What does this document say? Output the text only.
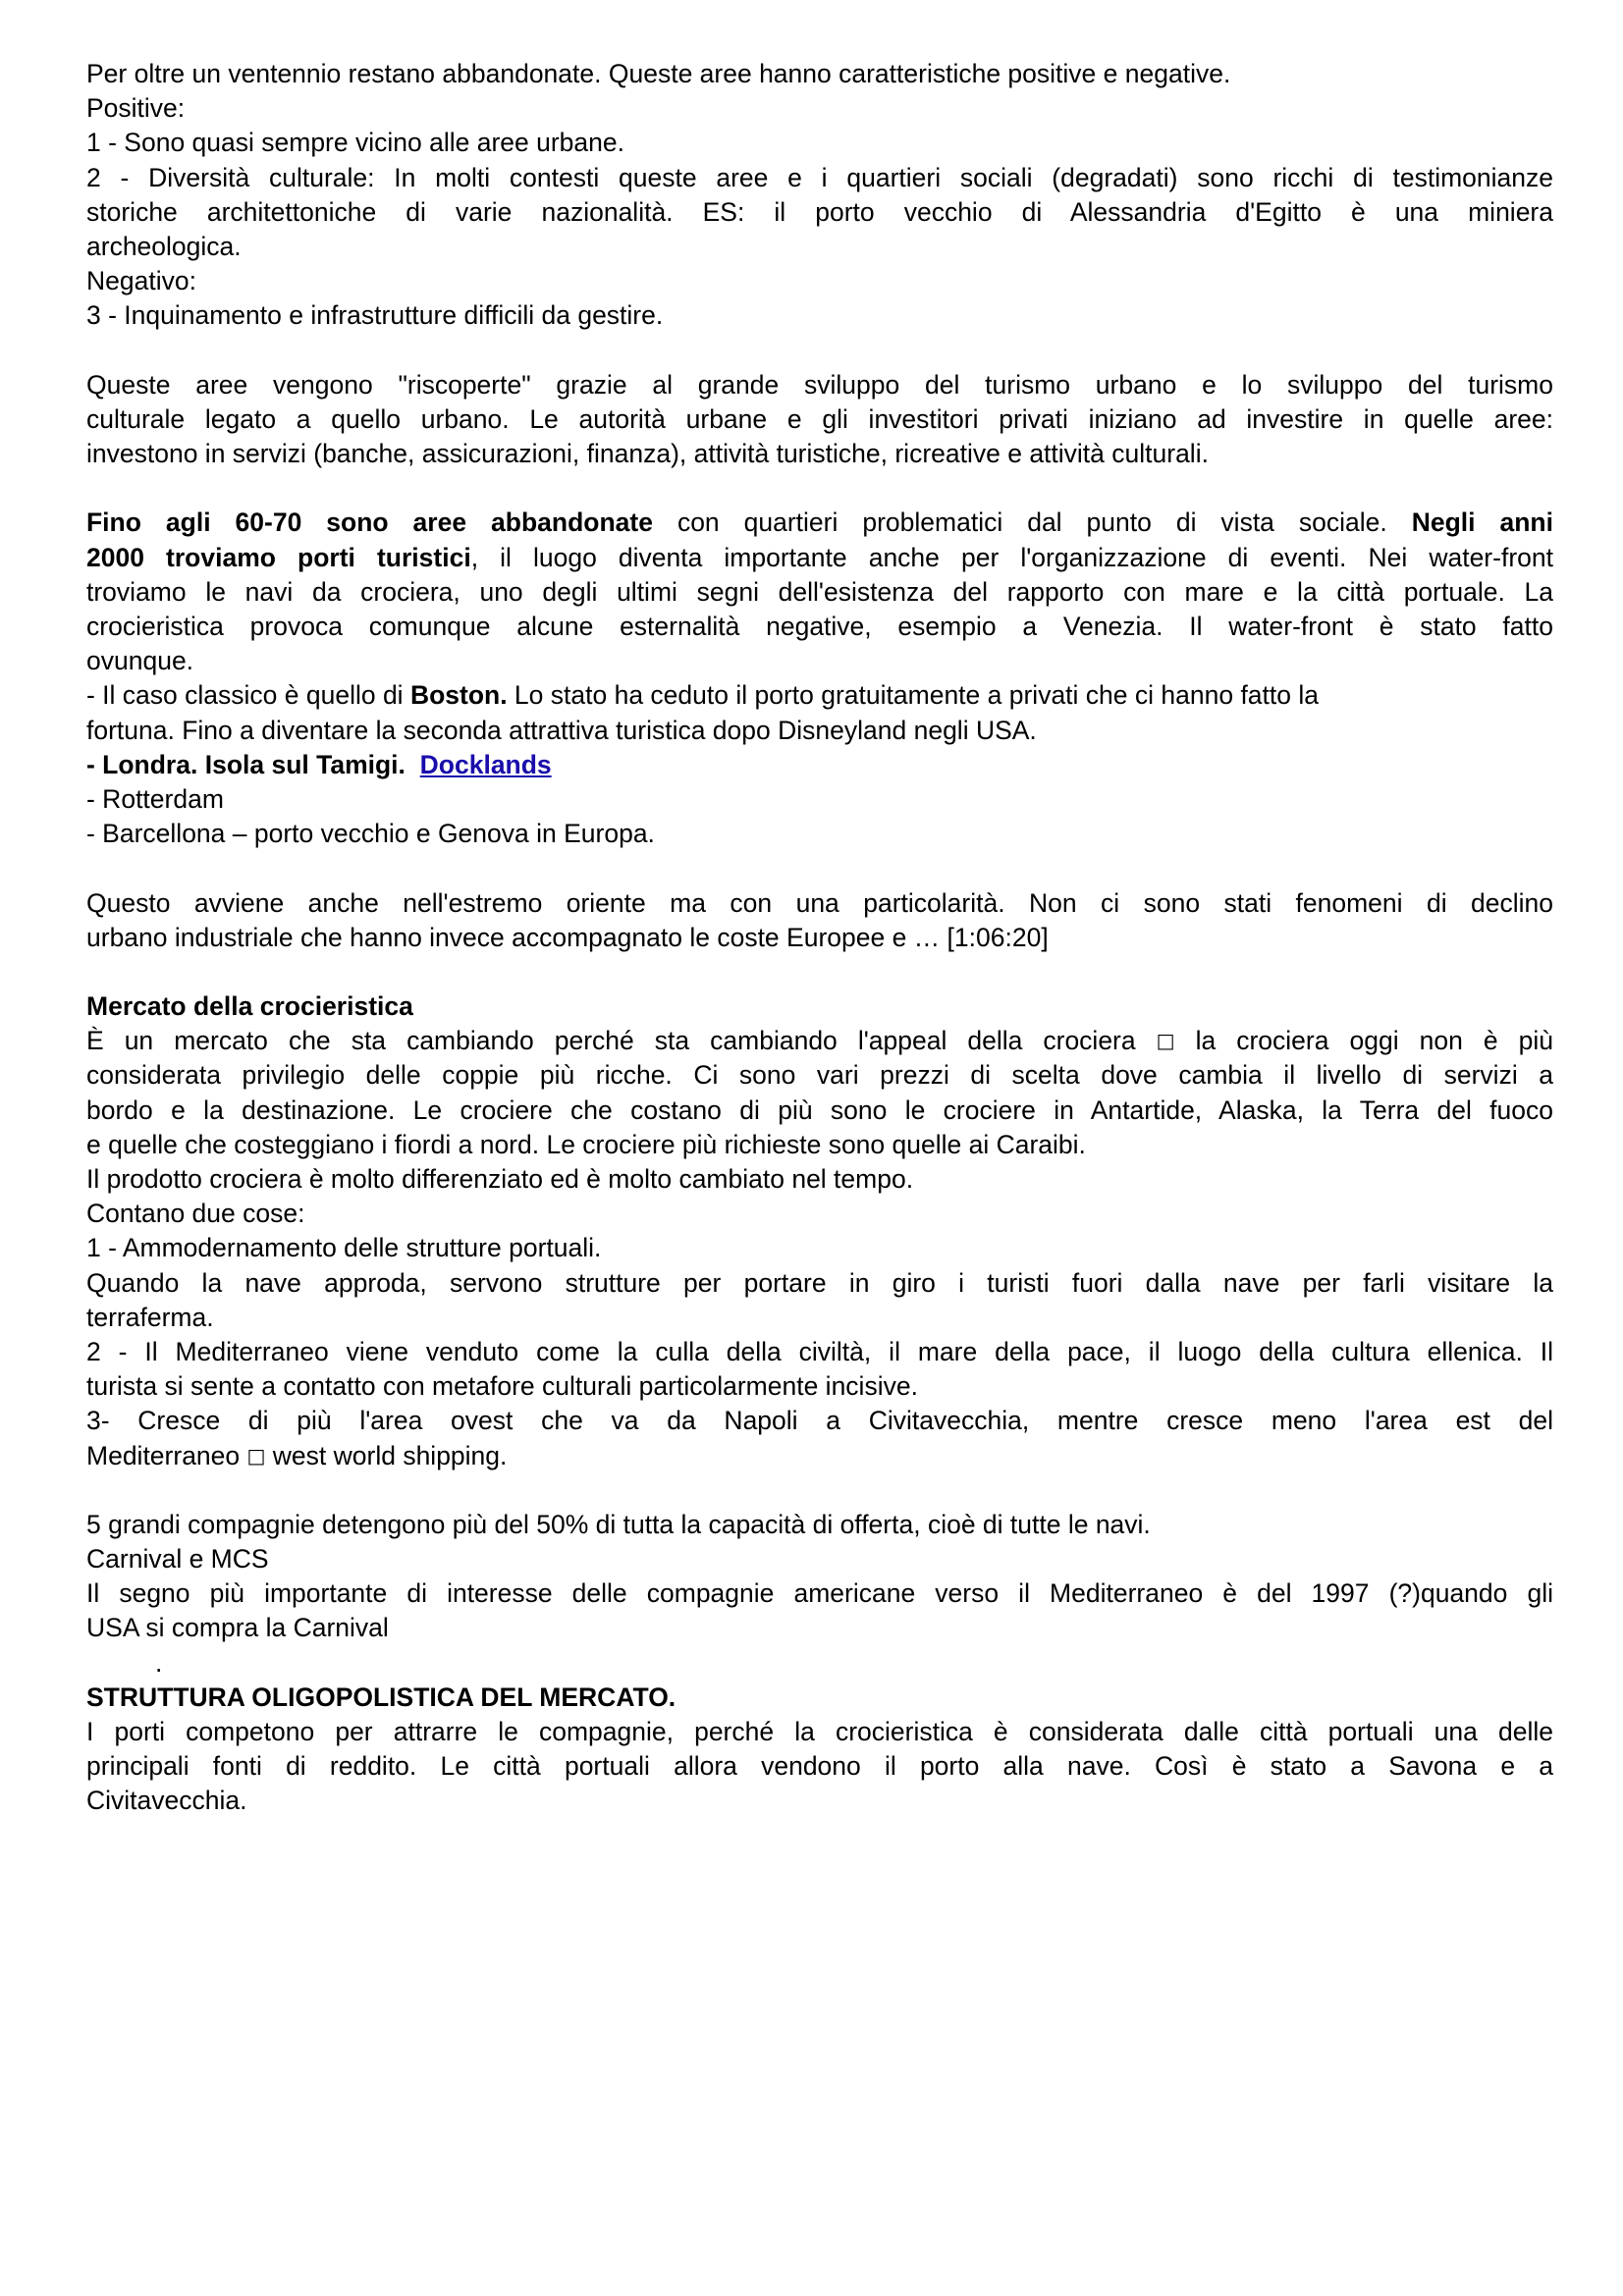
Per oltre un ventennio restano abbandonate. Queste aree hanno caratteristiche positive e negative.
Positive:
1 - Sono quasi sempre vicino alle aree urbane.
2 - Diversità culturale: In molti contesti queste aree e i quartieri sociali (degradati) sono ricchi di testimonianze
storiche architettoniche di varie nazionalità. ES: il porto vecchio di Alessandria d'Egitto è una miniera
archeologica.
Negativo:
3 - Inquinamento e infrastrutture difficili da gestire.
Queste aree vengono "riscoperte" grazie al grande sviluppo del turismo urbano e lo sviluppo del turismo
culturale legato a quello urbano. Le autorità urbane e gli investitori privati iniziano ad investire in quelle aree:
investono in servizi (banche, assicurazioni, finanza), attività turistiche, ricreative e attività culturali.
Fino agli 60-70 sono aree abbandonate con quartieri problematici dal punto di vista sociale. Negli anni
2000 troviamo porti turistici, il luogo diventa importante anche per l'organizzazione di eventi. Nei water-front
troviamo le navi da crociera, uno degli ultimi segni dell'esistenza del rapporto con mare e la città portuale. La
crocieristica provoca comunque alcune esternalità negative, esempio a Venezia. Il water-front è stato fatto
ovunque.
- Il caso classico è quello di Boston. Lo stato ha ceduto il porto gratuitamente a privati che ci hanno fatto la
fortuna. Fino a diventare la seconda attrattiva turistica dopo Disneyland negli USA.
- Londra. Isola sul Tamigi. Docklands
- Rotterdam
- Barcellona – porto vecchio e Genova in Europa.
Questo avviene anche nell'estremo oriente ma con una particolarità. Non ci sono stati fenomeni di declino
urbano industriale che hanno invece accompagnato le coste Europee e … [1:06:20]
Mercato della crocieristica
È un mercato che sta cambiando perché sta cambiando l'appeal della crociera □ la crociera oggi non è più
considerata privilegio delle coppie più ricche. Ci sono vari prezzi di scelta dove cambia il livello di servizi a
bordo e la destinazione. Le crociere che costano di più sono le crociere in Antartide, Alaska, la Terra del fuoco
e quelle che costeggiano i fiordi a nord. Le crociere più richieste sono quelle ai Caraibi.
Il prodotto crociera è molto differenziato ed è molto cambiato nel tempo.
Contano due cose:
1 - Ammodernamento delle strutture portuali.
Quando la nave approda, servono strutture per portare in giro i turisti fuori dalla nave per farli visitare la
terraferma.
2 - Il Mediterraneo viene venduto come la culla della civiltà, il mare della pace, il luogo della cultura ellenica. Il
turista si sente a contatto con metafore culturali particolarmente incisive.
3- Cresce di più l'area ovest che va da Napoli a Civitavecchia, mentre cresce meno l'area est del
Mediterraneo □ west world shipping.
5 grandi compagnie detengono più del 50% di tutta la capacità di offerta, cioè di tutte le navi.
Carnival e MCS
Il segno più importante di interesse delle compagnie americane verso il Mediterraneo è del 1997 (?)quando gli
USA si compra la Carnival
.
STRUTTURA OLIGOPOLISTICA DEL MERCATO.
I porti competono per attrarre le compagnie, perché la crocieristica è considerata dalle città portuali una delle
principali fonti di reddito. Le città portuali allora vendono il porto alla nave. Così è stato a Savona e a
Civitavecchia.
